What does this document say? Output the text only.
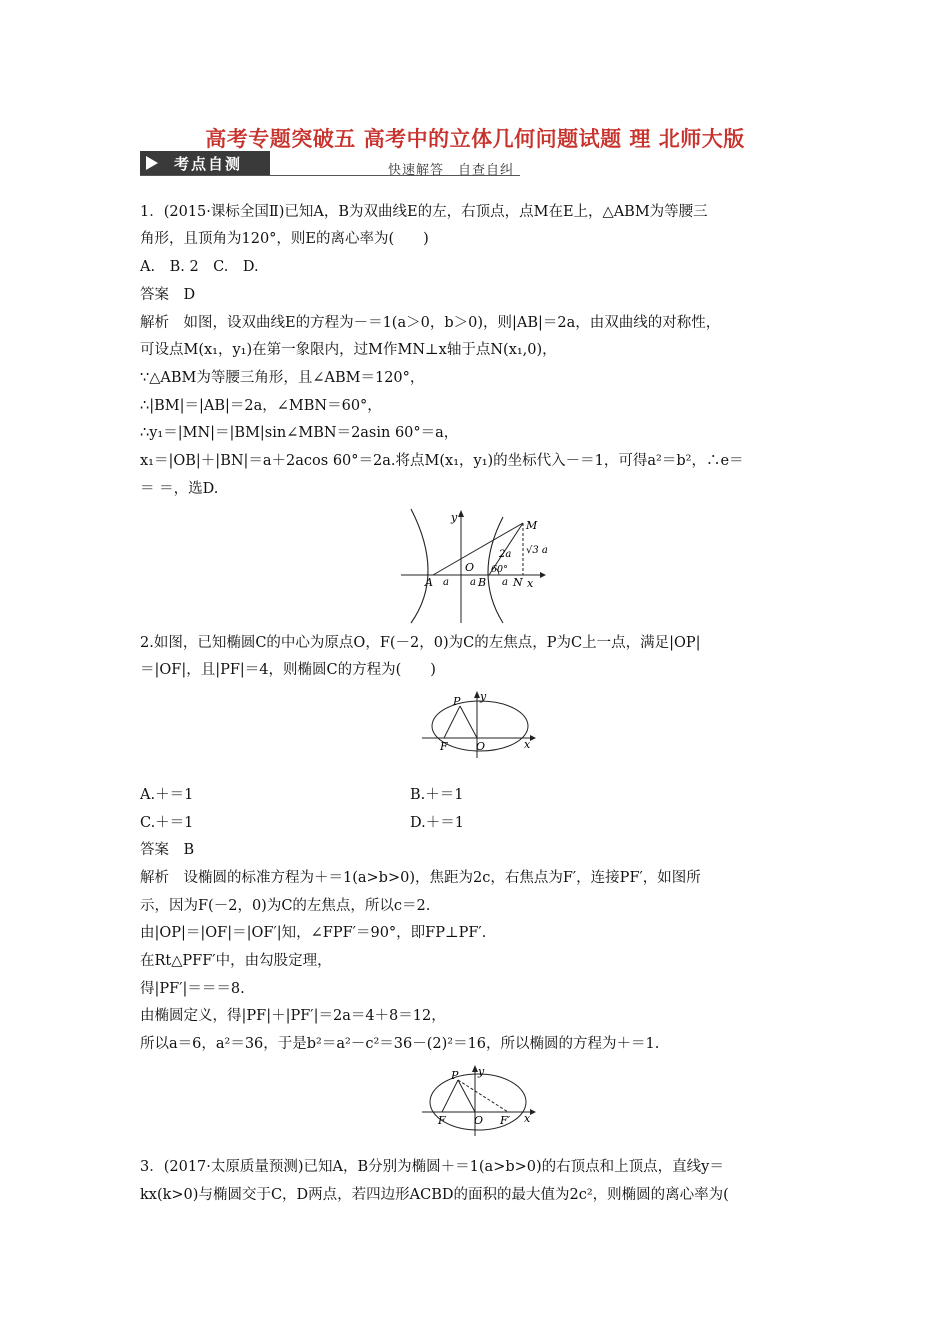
高考专题突破五 高考中的立体几何问题试题 理 北师大版
考点自测	快速解答　自查自纠
1．(2015·课标全国Ⅱ)已知A，B为双曲线E的左，右顶点，点M在E上，△ABM为等腰三
角形，且顶角为120°，则E的离心率为(　　)
A.　B. 2　C.　D.
答案　D
解析　如图，设双曲线E的方程为－＝1(a＞0，b＞0)，则|AB|＝2a，由双曲线的对称性，
可设点M(x₁，y₁)在第一象限内，过M作MN⊥x轴于点N(x₁,0)，
∵△ABM为等腰三角形，且∠ABM＝120°，
∴|BM|＝|AB|＝2a，∠MBN＝60°，
∴y₁＝|MN|＝|BM|sin∠MBN＝2asin 60°＝a，
x₁＝|OB|＋|BN|＝a＋2acos 60°＝2a.将点M(x₁，y₁)的坐标代入－＝1，可得a²＝b²，∴e＝
＝ ＝，选D.
y
M
√3 a
2a
O 60°
A a	B
a	a N x
2.如图，已知椭圆C的中心为原点O，F(－2，0)为C的左焦点，P为C上一点，满足|OP|
＝|OF|，且|PF|＝4，则椭圆C的方程为(　　)
P y
F	O	x
A.＋＝1	B.＋＝1
C.＋＝1	D.＋＝1
答案　B
解析　设椭圆的标准方程为＋＝1(a>b>0)，焦距为2c，右焦点为F′，连接PF′，如图所
示，因为F(－2，0)为C的左焦点，所以c＝2.
由|OP|＝|OF|＝|OF′|知，∠FPF′＝90°，即FP⊥PF′.
在Rt△PFF′中，由勾股定理，
得|PF′|＝＝＝8.
由椭圆定义，得|PF|＋|PF′|＝2a＝4＋8＝12，
所以a＝6，a²＝36，于是b²＝a²－c²＝36－(2)²＝16，所以椭圆的方程为＋＝1.
P y
F	O F′ x
3．(2017·太原质量预测)已知A，B分别为椭圆＋＝1(a>b>0)的右顶点和上顶点，直线y＝
kx(k>0)与椭圆交于C，D两点，若四边形ACBD的面积的最大值为2c²，则椭圆的离心率为(
